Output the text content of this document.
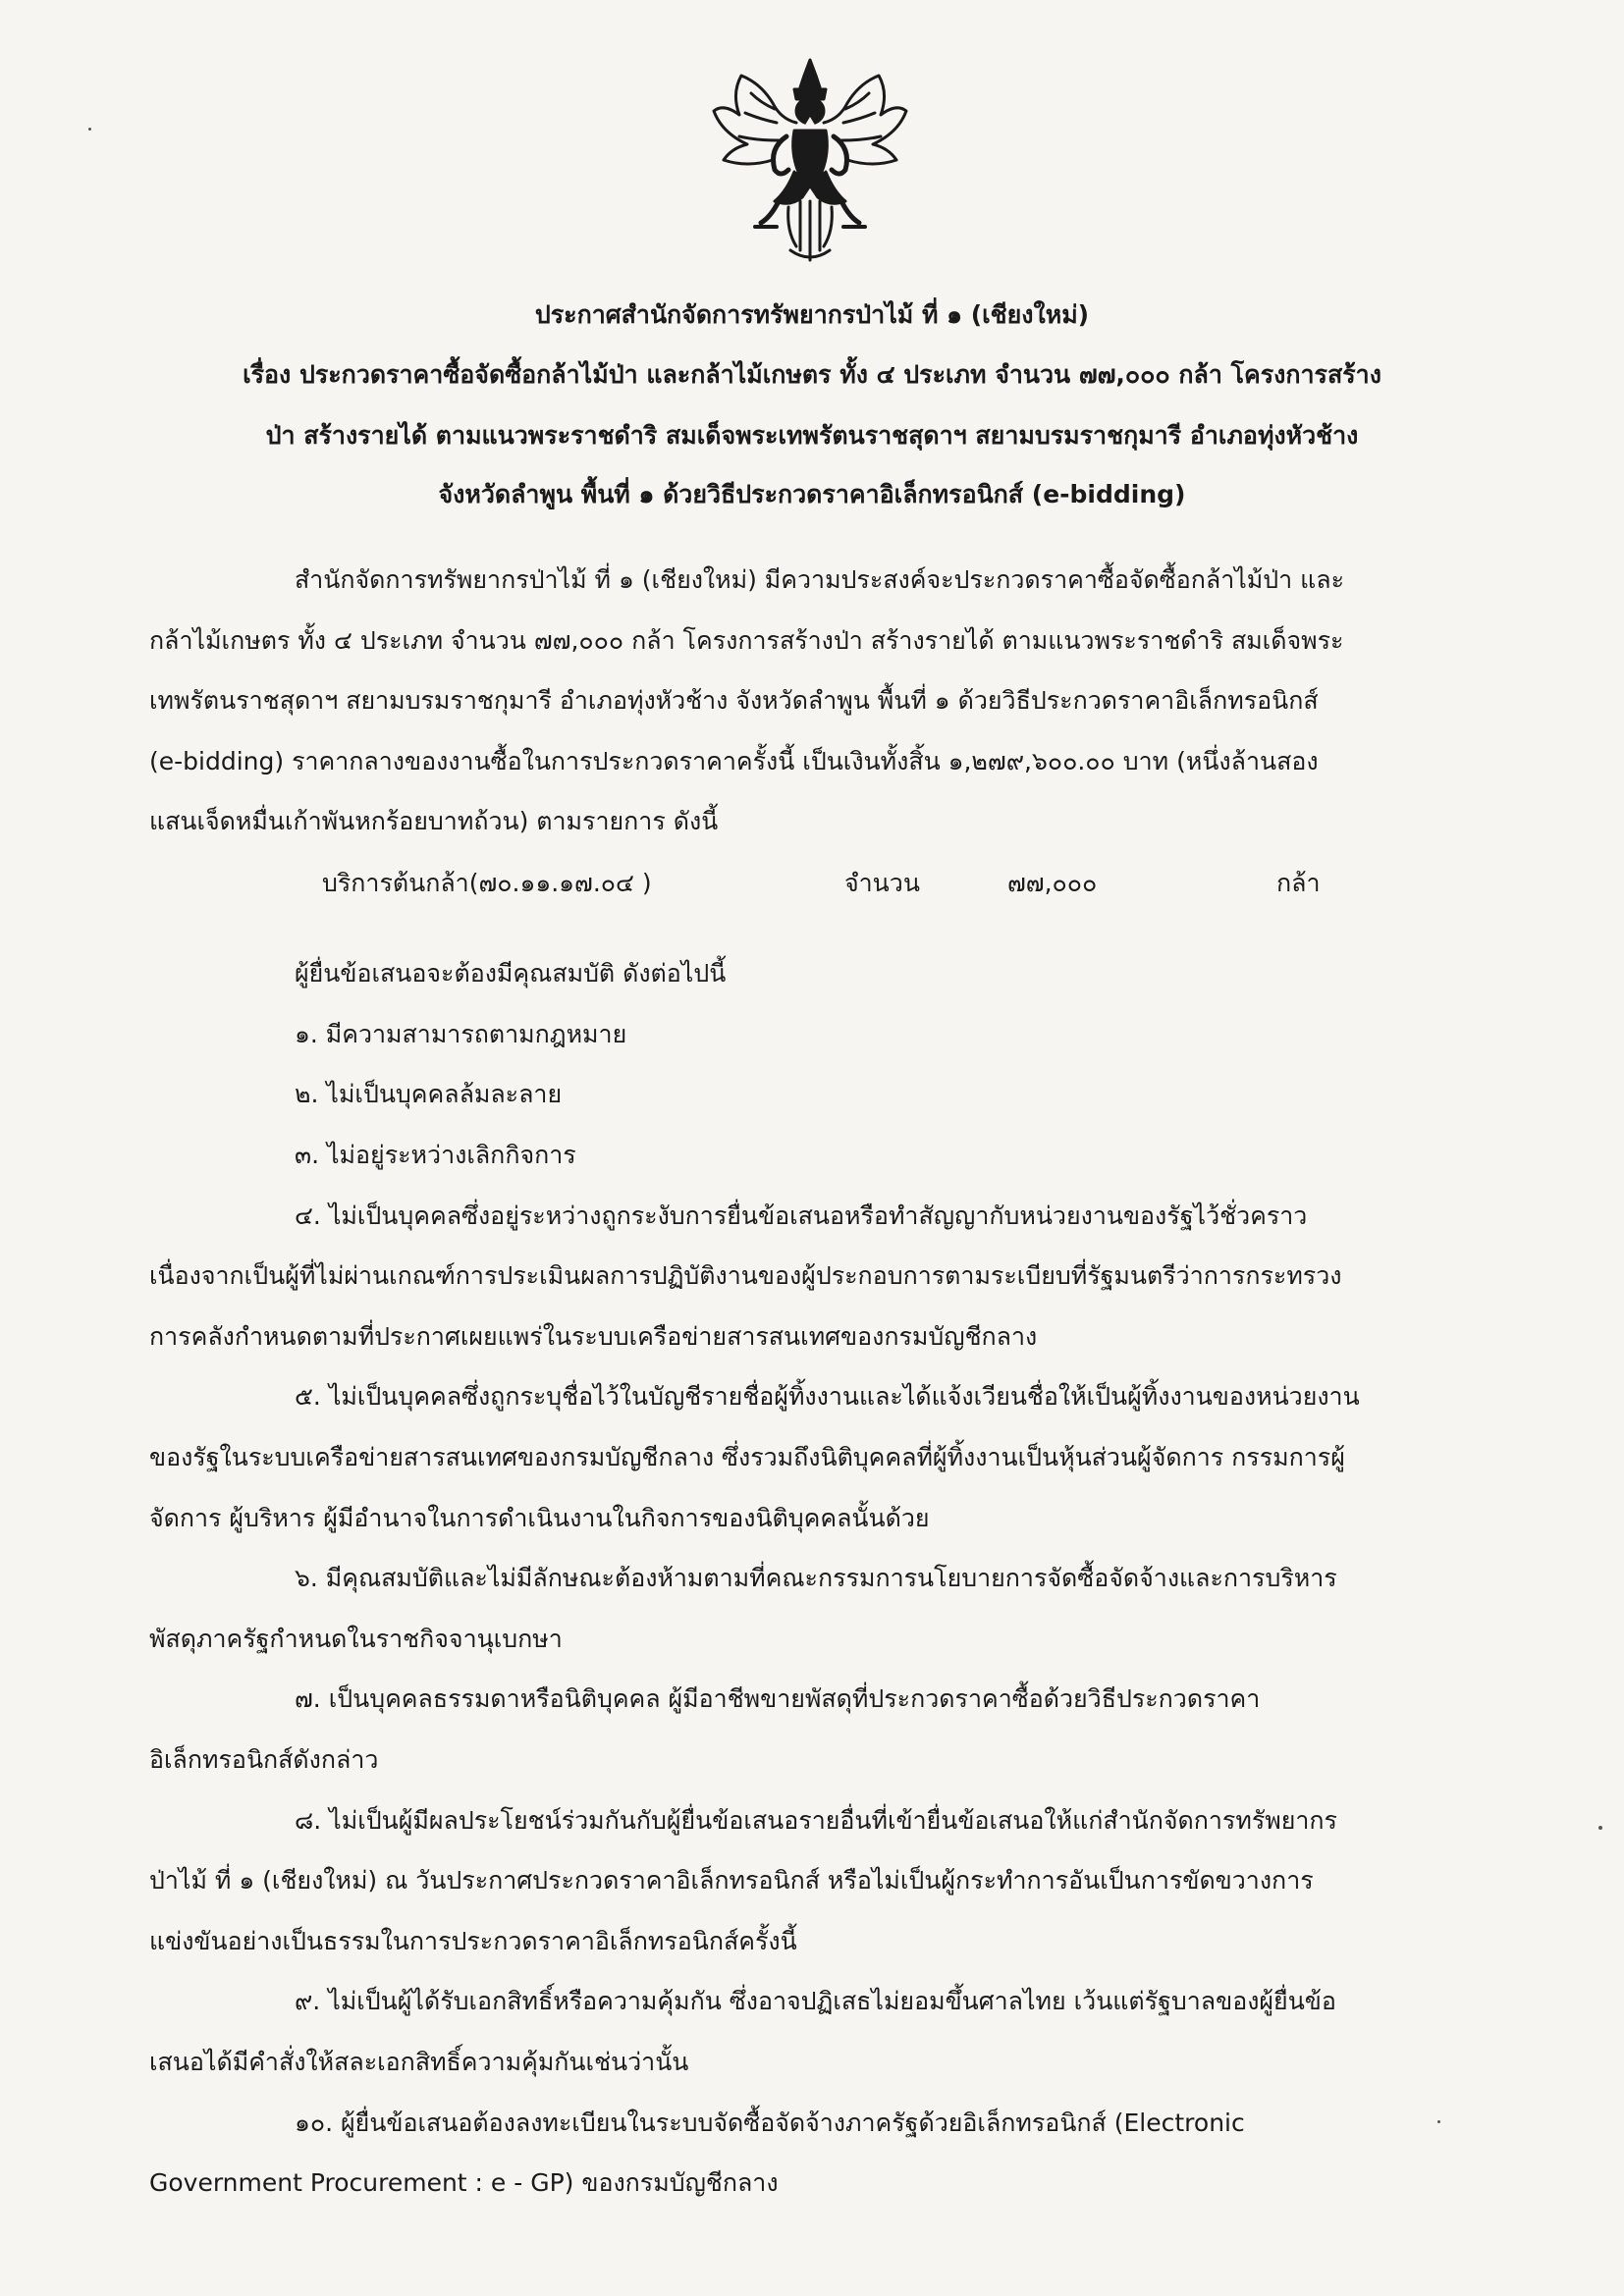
ประกาศสำนักจัดการทรัพยากรป่าไม้ ที่ ๑ (เชียงใหม่)
เรื่อง ประกวดราคาซื้อจัดซื้อกล้าไม้ป่า และกล้าไม้เกษตร ทั้ง ๔ ประเภท จำนวน ๗๗,๐๐๐ กล้า โครงการสร้าง
ป่า สร้างรายได้ ตามแนวพระราชดำริ สมเด็จพระเทพรัตนราชสุดาฯ สยามบรมราชกุมารี อำเภอทุ่งหัวช้าง
จังหวัดลำพูน พื้นที่ ๑ ด้วยวิธีประกวดราคาอิเล็กทรอนิกส์ (e-bidding)
สำนักจัดการทรัพยากรป่าไม้ ที่ ๑ (เชียงใหม่) มีความประสงค์จะประกวดราคาซื้อจัดซื้อกล้าไม้ป่า และ
กล้าไม้เกษตร ทั้ง ๔ ประเภท จำนวน ๗๗,๐๐๐ กล้า โครงการสร้างป่า สร้างรายได้ ตามแนวพระราชดำริ สมเด็จพระ
เทพรัตนราชสุดาฯ สยามบรมราชกุมารี อำเภอทุ่งหัวช้าง จังหวัดลำพูน พื้นที่ ๑ ด้วยวิธีประกวดราคาอิเล็กทรอนิกส์
(e-bidding) ราคากลางของงานซื้อในการประกวดราคาครั้งนี้ เป็นเงินทั้งสิ้น ๑,๒๗๙,๖๐๐.๐๐ บาท (หนึ่งล้านสอง
แสนเจ็ดหมื่นเก้าพันหกร้อยบาทถ้วน) ตามรายการ ดังนี้
บริการต้นกล้า(๗๐.๑๑.๑๗.๐๔ )	จำนวน	๗๗,๐๐๐	กล้า
ผู้ยื่นข้อเสนอจะต้องมีคุณสมบัติ ดังต่อไปนี้
๑. มีความสามารถตามกฎหมาย
๒. ไม่เป็นบุคคลล้มละลาย
๓. ไม่อยู่ระหว่างเลิกกิจการ
๔. ไม่เป็นบุคคลซึ่งอยู่ระหว่างถูกระงับการยื่นข้อเสนอหรือทำสัญญากับหน่วยงานของรัฐไว้ชั่วคราว
เนื่องจากเป็นผู้ที่ไม่ผ่านเกณฑ์การประเมินผลการปฏิบัติงานของผู้ประกอบการตามระเบียบที่รัฐมนตรีว่าการกระทรวง
การคลังกำหนดตามที่ประกาศเผยแพร่ในระบบเครือข่ายสารสนเทศของกรมบัญชีกลาง
๕. ไม่เป็นบุคคลซึ่งถูกระบุชื่อไว้ในบัญชีรายชื่อผู้ทิ้งงานและได้แจ้งเวียนชื่อให้เป็นผู้ทิ้งงานของหน่วยงาน
ของรัฐในระบบเครือข่ายสารสนเทศของกรมบัญชีกลาง ซึ่งรวมถึงนิติบุคคลที่ผู้ทิ้งงานเป็นหุ้นส่วนผู้จัดการ กรรมการผู้
จัดการ ผู้บริหาร ผู้มีอำนาจในการดำเนินงานในกิจการของนิติบุคคลนั้นด้วย
๖. มีคุณสมบัติและไม่มีลักษณะต้องห้ามตามที่คณะกรรมการนโยบายการจัดซื้อจัดจ้างและการบริหาร
พัสดุภาครัฐกำหนดในราชกิจจานุเบกษา
๗. เป็นบุคคลธรรมดาหรือนิติบุคคล ผู้มีอาชีพขายพัสดุที่ประกวดราคาซื้อด้วยวิธีประกวดราคา
อิเล็กทรอนิกส์ดังกล่าว
๘. ไม่เป็นผู้มีผลประโยชน์ร่วมกันกับผู้ยื่นข้อเสนอรายอื่นที่เข้ายื่นข้อเสนอให้แก่สำนักจัดการทรัพยากร
ป่าไม้ ที่ ๑ (เชียงใหม่) ณ วันประกาศประกวดราคาอิเล็กทรอนิกส์ หรือไม่เป็นผู้กระทำการอันเป็นการขัดขวางการ
แข่งขันอย่างเป็นธรรมในการประกวดราคาอิเล็กทรอนิกส์ครั้งนี้
๙. ไม่เป็นผู้ได้รับเอกสิทธิ์หรือความคุ้มกัน ซึ่งอาจปฏิเสธไม่ยอมขึ้นศาลไทย เว้นแต่รัฐบาลของผู้ยื่นข้อ
เสนอได้มีคำสั่งให้สละเอกสิทธิ์ความคุ้มกันเช่นว่านั้น
๑๐. ผู้ยื่นข้อเสนอต้องลงทะเบียนในระบบจัดซื้อจัดจ้างภาครัฐด้วยอิเล็กทรอนิกส์ (Electronic
Government Procurement : e - GP) ของกรมบัญชีกลาง
